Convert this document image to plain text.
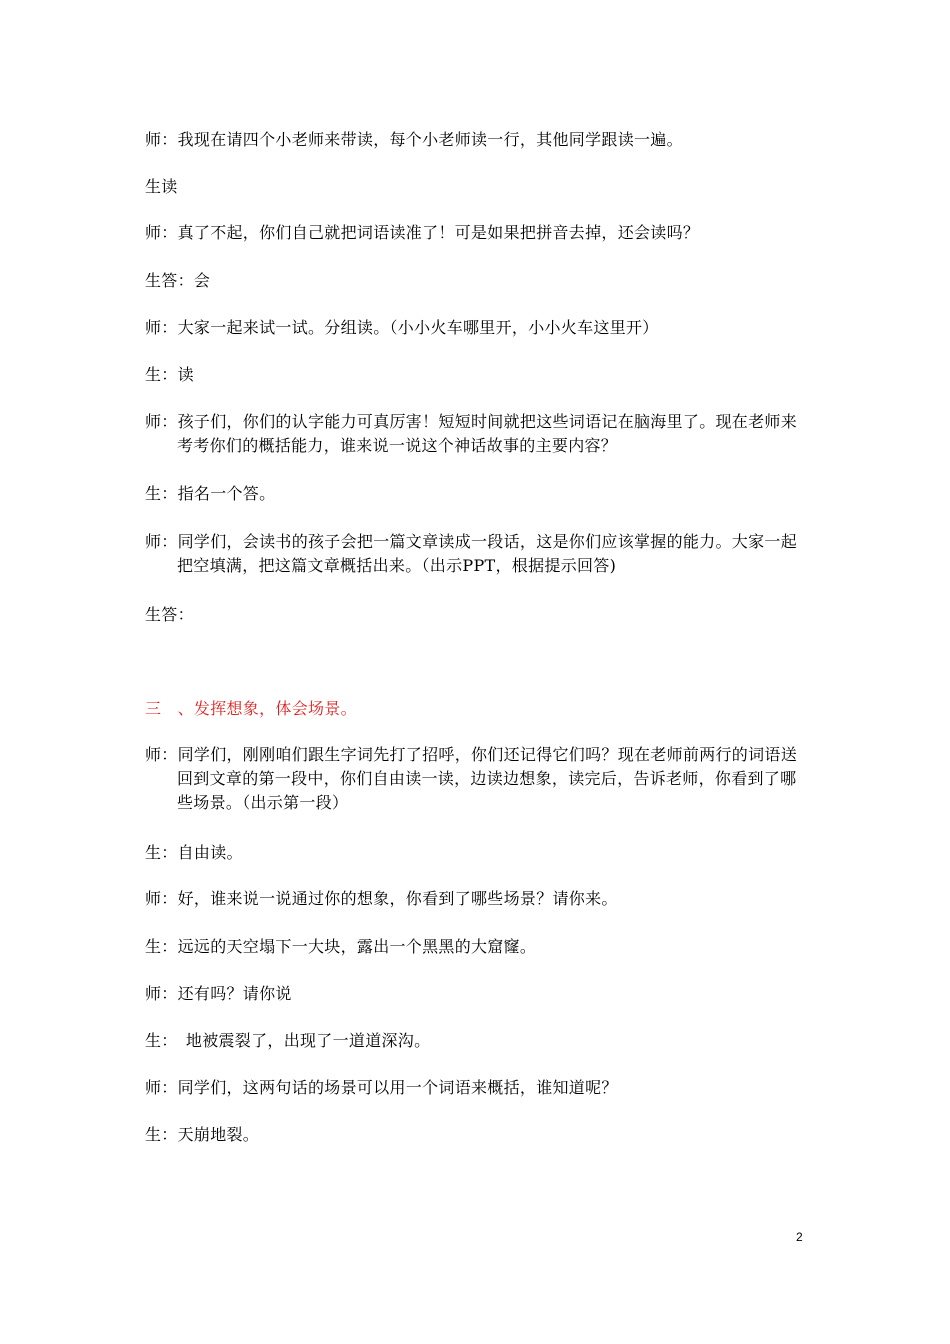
师：我现在请四个小老师来带读，每个小老师读一行，其他同学跟读一遍。

生读

师：真了不起，你们自己就把词语读准了！可是如果把拼音去掉，还会读吗？

生答：会

师：大家一起来试一试。分组读。（小小火车哪里开，小小火车这里开）

生：读

师：孩子们，你们的认字能力可真厉害！短短时间就把这些词语记在脑海里了。现在老师来考考你们的概括能力，谁来说一说这个神话故事的主要内容？

生：指名一个答。

师：同学们，会读书的孩子会把一篇文章读成一段话，这是你们应该掌握的能力。大家一起把空填满，把这篇文章概括出来。（出示PPT，根据提示回答)

生答：

三　、发挥想象，体会场景。

师：同学们，刚刚咱们跟生字词先打了招呼，你们还记得它们吗？现在老师前两行的词语送回到文章的第一段中，你们自由读一读，边读边想象，读完后，告诉老师，你看到了哪些场景。（出示第一段）

生：自由读。

师：好，谁来说一说通过你的想象，你看到了哪些场景？请你来。

生：远远的天空塌下一大块，露出一个黑黑的大窟窿。

师：还有吗？请你说

生：　地被震裂了，出现了一道道深沟。

师：同学们，这两句话的场景可以用一个词语来概括，谁知道呢？

生：天崩地裂。

2
